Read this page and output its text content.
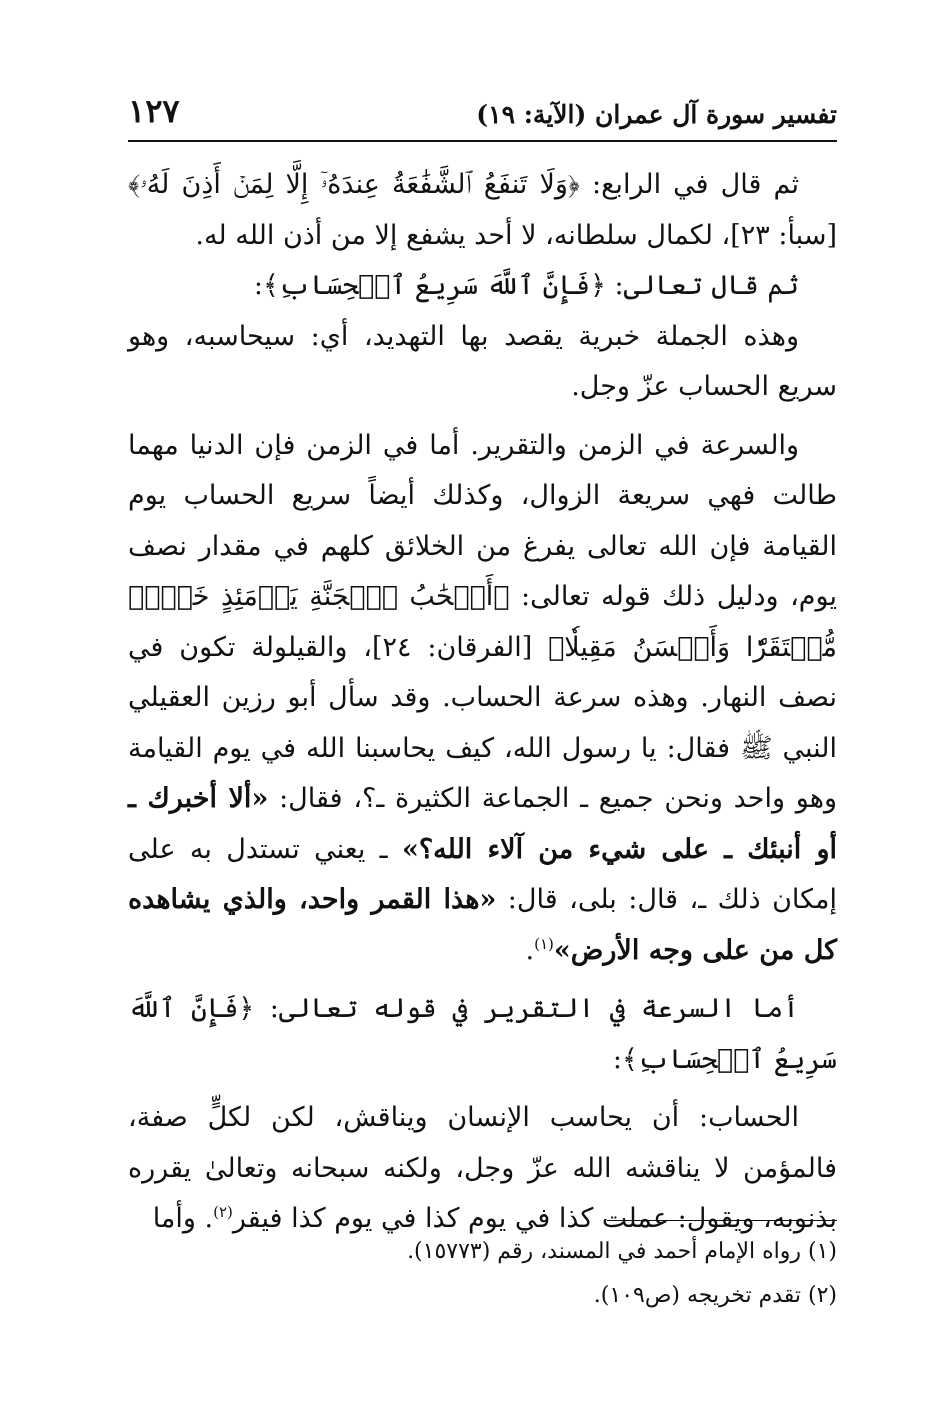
تفسير سورة آل عمران (الآية: ١٩)
١٢٧

ثم قال في الرابع: ﴿وَلَا تَنفَعُ ٱلشَّفَٰعَةُ عِندَهُۥٓ إِلَّا لِمَنۡ أَذِنَ لَهُۥ﴾ [سبأ: ٢٣]، لكمال سلطانه، لا أحد يشفع إلا من أذن الله له.

ثم قال تعالى: ﴿فَإِنَّ ٱللَّهَ سَرِيعُ ٱلۡحِسَابِ﴾:

وهذه الجملة خبرية يقصد بها التهديد، أي: سيحاسبه، وهو سريع الحساب عزّ وجل.

والسرعة في الزمن والتقرير. أما في الزمن فإن الدنيا مهما طالت فهي سريعة الزوال، وكذلك أيضاً سريع الحساب يوم القيامة فإن الله تعالى يفرغ من الخلائق كلهم في مقدار نصف يوم، ودليل ذلك قوله تعالى: ﴿أَصۡحَٰبُ ٱلۡجَنَّةِ يَوۡمَئِذٍ خَيۡرٞ مُّسۡتَقَرّٗا وَأَحۡسَنُ مَقِيلٗا﴾ [الفرقان: ٢٤]، والقيلولة تكون في نصف النهار. وهذه سرعة الحساب. وقد سأل أبو رزين العقيلي النبي ﷺ فقال: يا رسول الله، كيف يحاسبنا الله في يوم القيامة وهو واحد ونحن جميع ـ الجماعة الكثيرة ـ؟، فقال: «ألا أخبرك ـ أو أنبئك ـ على شيء من آلاء الله؟» ـ يعني تستدل به على إمكان ذلك ـ، قال: بلى، قال: «هذا القمر واحد، والذي يشاهده كل من على وجه الأرض»$^{(١)}$.

أما السرعة في التقرير في قوله تعالى: ﴿فَإِنَّ ٱللَّهَ سَرِيعُ ٱلۡحِسَابِ﴾:

الحساب: أن يحاسب الإنسان ويناقش، لكن لكلٍّ صفة، فالمؤمن لا يناقشه الله عزّ وجل، ولكنه سبحانه وتعالىٰ يقرره بذنوبه، ويقول: عملت كذا في يوم كذا في يوم كذا فيقر$^{(٢)}$. وأما

(١) رواه الإمام أحمد في المسند، رقم (١٥٧٧٣).

(٢) تقدم تخريجه (ص١٠٩).
